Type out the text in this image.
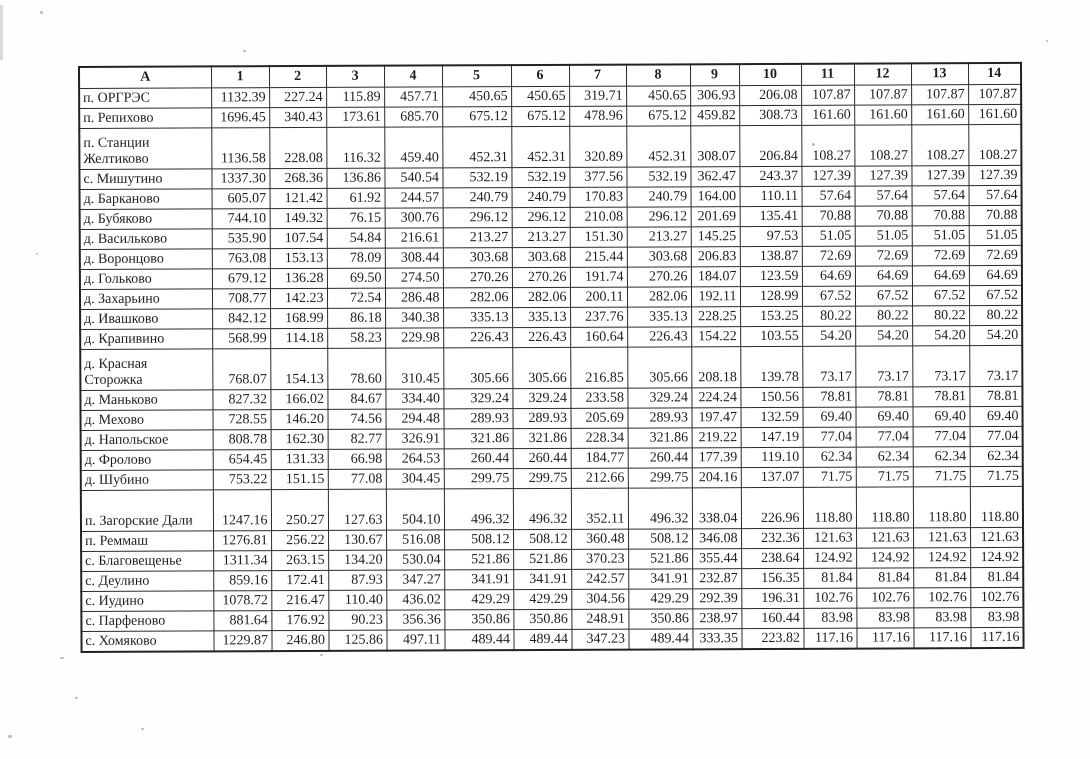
А	1	2	3	4	5	6	7	8	9	10	11	12	13	14
п. ОРГРЭС	1132.39	227.24	115.89	457.71	450.65	450.65	319.71	450.65	306.93	206.08	107.87	107.87	107.87	107.87
п. Репихово	1696.45	340.43	173.61	685.70	675.12	675.12	478.96	675.12	459.82	308.73	161.60	161.60	161.60	161.60
п. Станции Желтиково	1136.58	228.08	116.32	459.40	452.31	452.31	320.89	452.31	308.07	206.84	108.27	108.27	108.27	108.27
с. Мишутино	1337.30	268.36	136.86	540.54	532.19	532.19	377.56	532.19	362.47	243.37	127.39	127.39	127.39	127.39
д. Барканово	605.07	121.42	61.92	244.57	240.79	240.79	170.83	240.79	164.00	110.11	57.64	57.64	57.64	57.64
д. Бубяково	744.10	149.32	76.15	300.76	296.12	296.12	210.08	296.12	201.69	135.41	70.88	70.88	70.88	70.88
д. Васильково	535.90	107.54	54.84	216.61	213.27	213.27	151.30	213.27	145.25	97.53	51.05	51.05	51.05	51.05
д. Воронцово	763.08	153.13	78.09	308.44	303.68	303.68	215.44	303.68	206.83	138.87	72.69	72.69	72.69	72.69
д. Гольково	679.12	136.28	69.50	274.50	270.26	270.26	191.74	270.26	184.07	123.59	64.69	64.69	64.69	64.69
д. Захарьино	708.77	142.23	72.54	286.48	282.06	282.06	200.11	282.06	192.11	128.99	67.52	67.52	67.52	67.52
д. Ивашково	842.12	168.99	86.18	340.38	335.13	335.13	237.76	335.13	228.25	153.25	80.22	80.22	80.22	80.22
д. Крапивино	568.99	114.18	58.23	229.98	226.43	226.43	160.64	226.43	154.22	103.55	54.20	54.20	54.20	54.20
д. Красная Сторожка	768.07	154.13	78.60	310.45	305.66	305.66	216.85	305.66	208.18	139.78	73.17	73.17	73.17	73.17
д. Маньково	827.32	166.02	84.67	334.40	329.24	329.24	233.58	329.24	224.24	150.56	78.81	78.81	78.81	78.81
д. Мехово	728.55	146.20	74.56	294.48	289.93	289.93	205.69	289.93	197.47	132.59	69.40	69.40	69.40	69.40
д. Напольское	808.78	162.30	82.77	326.91	321.86	321.86	228.34	321.86	219.22	147.19	77.04	77.04	77.04	77.04
д. Фролово	654.45	131.33	66.98	264.53	260.44	260.44	184.77	260.44	177.39	119.10	62.34	62.34	62.34	62.34
д. Шубино	753.22	151.15	77.08	304.45	299.75	299.75	212.66	299.75	204.16	137.07	71.75	71.75	71.75	71.75
п. Загорские Дали	1247.16	250.27	127.63	504.10	496.32	496.32	352.11	496.32	338.04	226.96	118.80	118.80	118.80	118.80
п. Реммаш	1276.81	256.22	130.67	516.08	508.12	508.12	360.48	508.12	346.08	232.36	121.63	121.63	121.63	121.63
с. Благовещенье	1311.34	263.15	134.20	530.04	521.86	521.86	370.23	521.86	355.44	238.64	124.92	124.92	124.92	124.92
с. Деулино	859.16	172.41	87.93	347.27	341.91	341.91	242.57	341.91	232.87	156.35	81.84	81.84	81.84	81.84
с. Иудино	1078.72	216.47	110.40	436.02	429.29	429.29	304.56	429.29	292.39	196.31	102.76	102.76	102.76	102.76
с. Парфеново	881.64	176.92	90.23	356.36	350.86	350.86	248.91	350.86	238.97	160.44	83.98	83.98	83.98	83.98
с. Хомяково	1229.87	246.80	125.86	497.11	489.44	489.44	347.23	489.44	333.35	223.82	117.16	117.16	117.16	117.16
